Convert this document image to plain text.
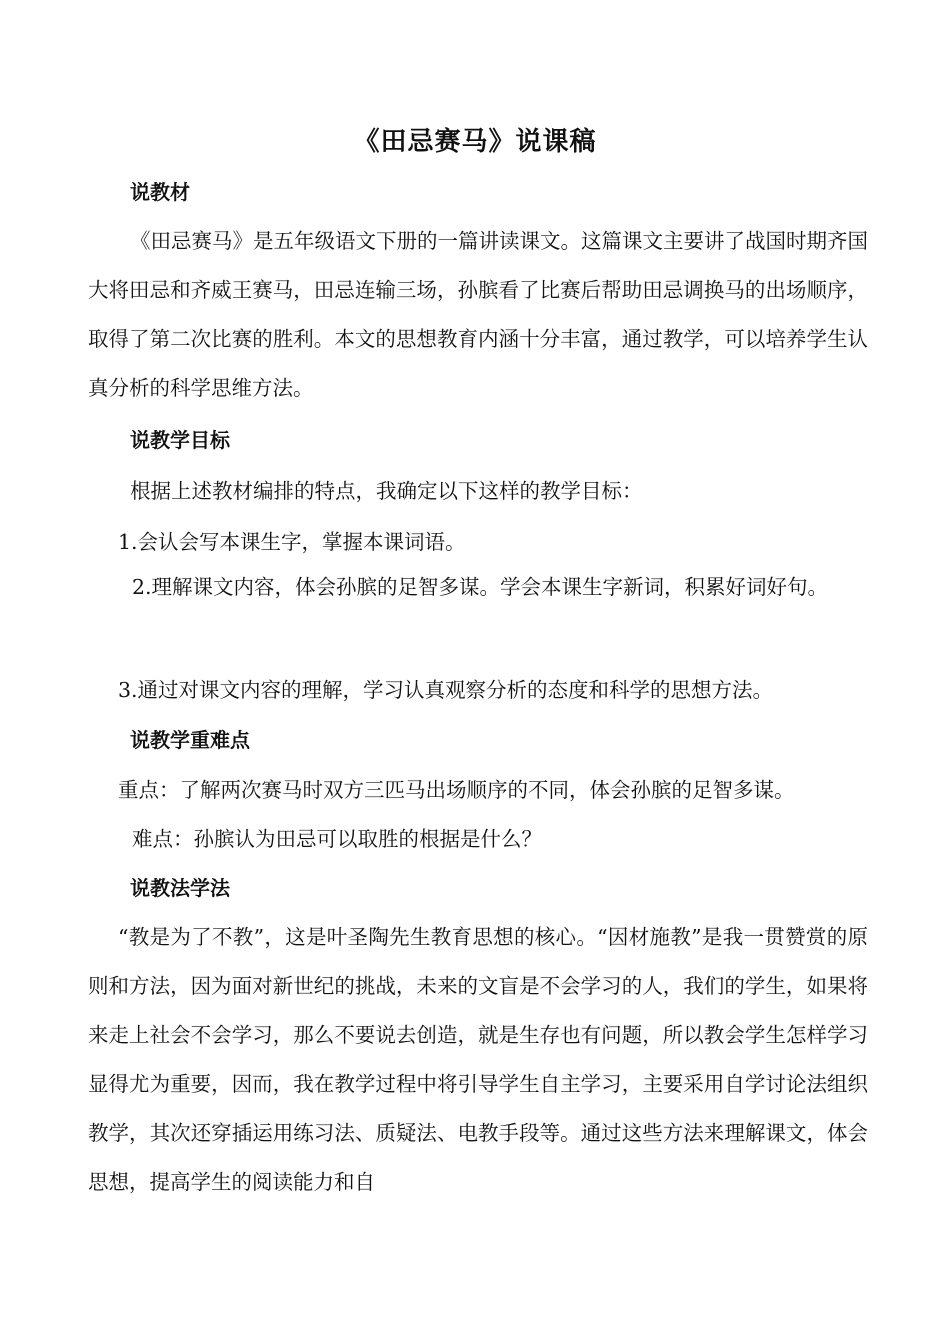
《田忌赛马》说课稿
说教材
《田忌赛马》是五年级语文下册的一篇讲读课文。这篇课文主要讲了战国时期齐国大将田忌和齐威王赛马，田忌连输三场，孙膑看了比赛后帮助田忌调换马的出场顺序，取得了第二次比赛的胜利。本文的思想教育内涵十分丰富，通过教学，可以培养学生认真分析的科学思维方法。
说教学目标
根据上述教材编排的特点，我确定以下这样的教学目标：
1.会认会写本课生字，掌握本课词语。
2.理解课文内容，体会孙膑的足智多谋。学会本课生字新词，积累好词好句。
3.通过对课文内容的理解，学习认真观察分析的态度和科学的思想方法。
说教学重难点
重点：了解两次赛马时双方三匹马出场顺序的不同，体会孙膑的足智多谋。
难点：孙膑认为田忌可以取胜的根据是什么？
说教法学法
“教是为了不教”，这是叶圣陶先生教育思想的核心。“因材施教”是我一贯赞赏的原则和方法，因为面对新世纪的挑战，未来的文盲是不会学习的人，我们的学生，如果将来走上社会不会学习，那么不要说去创造，就是生存也有问题，所以教会学生怎样学习显得尤为重要，因而，我在教学过程中将引导学生自主学习，主要采用自学讨论法组织教学，其次还穿插运用练习法、质疑法、电教手段等。通过这些方法来理解课文，体会思想，提高学生的阅读能力和自
